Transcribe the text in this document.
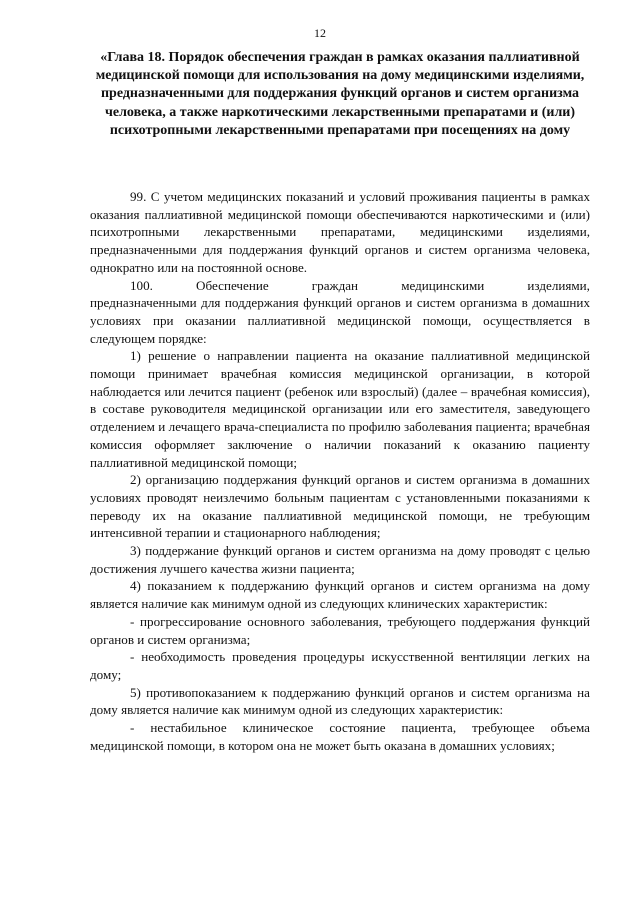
12
«Глава 18. Порядок обеспечения граждан в рамках оказания паллиативной медицинской помощи для использования на дому медицинскими изделиями, предназначенными для поддержания функций органов и систем организма человека, а также наркотическими лекарственными препаратами и (или) психотропными лекарственными препаратами при посещениях на дому

99. С учетом медицинских показаний и условий проживания пациенты в рамках оказания паллиативной медицинской помощи обеспечиваются наркотическими и (или) психотропными лекарственными препаратами, медицинскими изделиями, предназначенными для поддержания функций органов и систем организма человека, однократно или на постоянной основе.

100.	Обеспечение	граждан	медицинскими	изделиями,

предназначенными для поддержания функций органов и систем организма в домашних условиях при оказании паллиативной медицинской помощи, осуществляется в следующем порядке:

1) решение о направлении пациента на оказание паллиативной медицинской помощи принимает врачебная комиссия медицинской организации, в которой наблюдается или лечится пациент (ребенок или взрослый) (далее – врачебная комиссия), в составе руководителя медицинской организации или его заместителя, заведующего отделением и лечащего врача-специалиста по профилю заболевания пациента; врачебная комиссия оформляет заключение о наличии показаний к оказанию пациенту паллиативной медицинской помощи;

2) организацию поддержания функций органов и систем организма в домашних условиях проводят неизлечимо больным пациентам с установленными показаниями к переводу их на оказание паллиативной медицинской помощи, не требующим интенсивной терапии и стационарного наблюдения;

3) поддержание функций органов и систем организма на дому проводят с целью достижения лучшего качества жизни пациента;

4) показанием к поддержанию функций органов и систем организма на дому является наличие как минимум одной из следующих клинических характеристик:

- прогрессирование основного заболевания, требующего поддержания функций органов и систем организма;

- необходимость проведения процедуры искусственной вентиляции легких на дому;

5) противопоказанием к поддержанию функций органов и систем организма на дому является наличие как минимум одной из следующих характеристик:

- нестабильное клиническое состояние пациента, требующее объема медицинской помощи, в котором она не может быть оказана в домашних условиях;
